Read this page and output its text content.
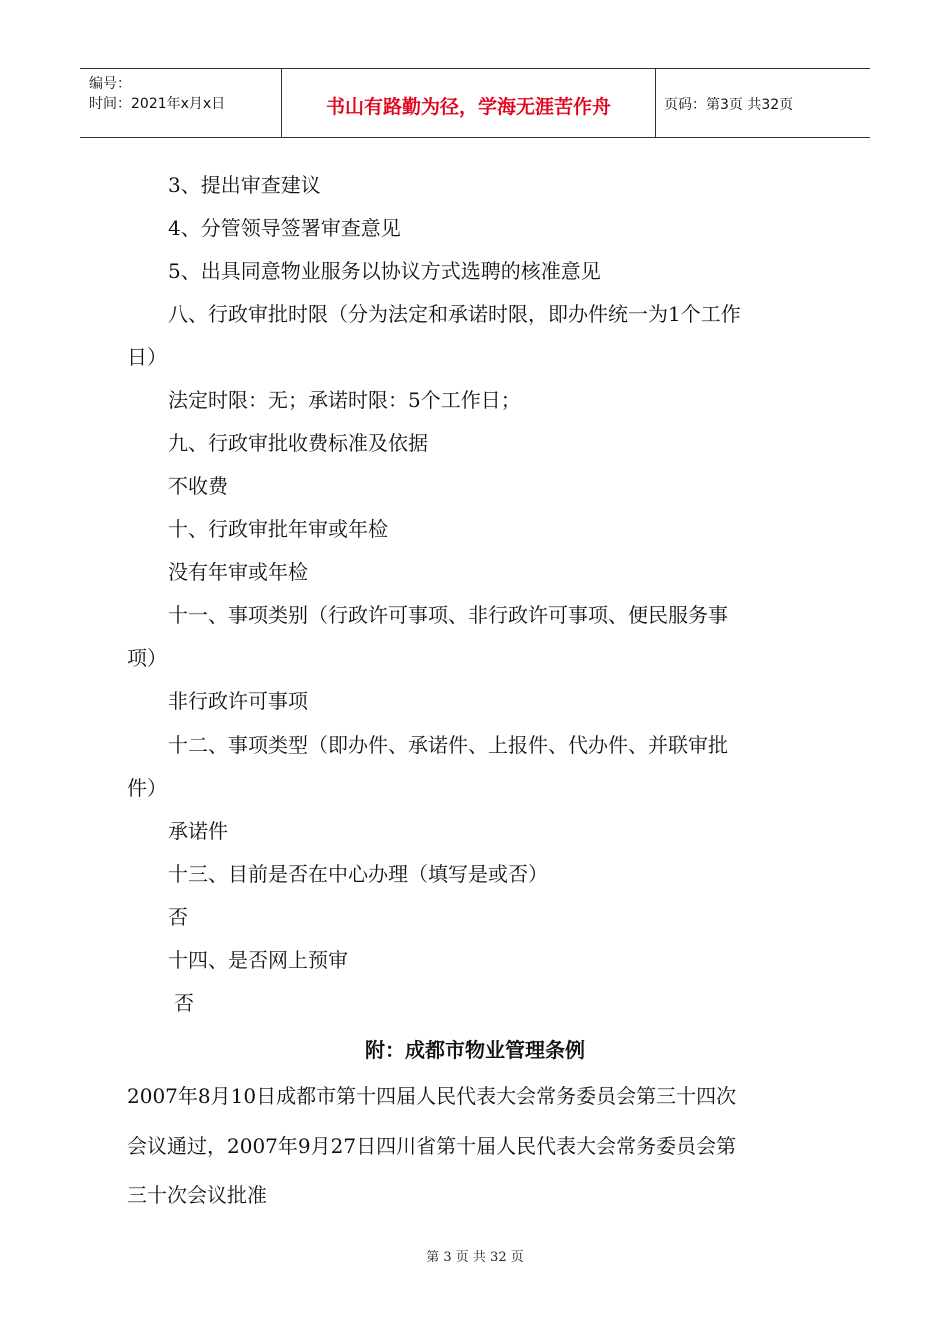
编号：
时间：2021年x月x日	书山有路勤为径，学海无涯苦作舟	页码：第3页 共32页
3、提出审查建议
4、分管领导签署审查意见
5、出具同意物业服务以协议方式选聘的核准意见
八、行政审批时限（分为法定和承诺时限，即办件统一为1个工作
日）
法定时限：无；承诺时限：5个工作日；
九、行政审批收费标准及依据
不收费
十、行政审批年审或年检
没有年审或年检
十一、事项类别（行政许可事项、非行政许可事项、便民服务事
项）
非行政许可事项
十二、事项类型（即办件、承诺件、上报件、代办件、并联审批
件）
承诺件
十三、目前是否在中心办理（填写是或否）
否
十四、是否网上预审
否
附：成都市物业管理条例
2007年8月10日成都市第十四届人民代表大会常务委员会第三十四次
会议通过，2007年9月27日四川省第十届人民代表大会常务委员会第
三十次会议批准
第 3 页 共 32 页
